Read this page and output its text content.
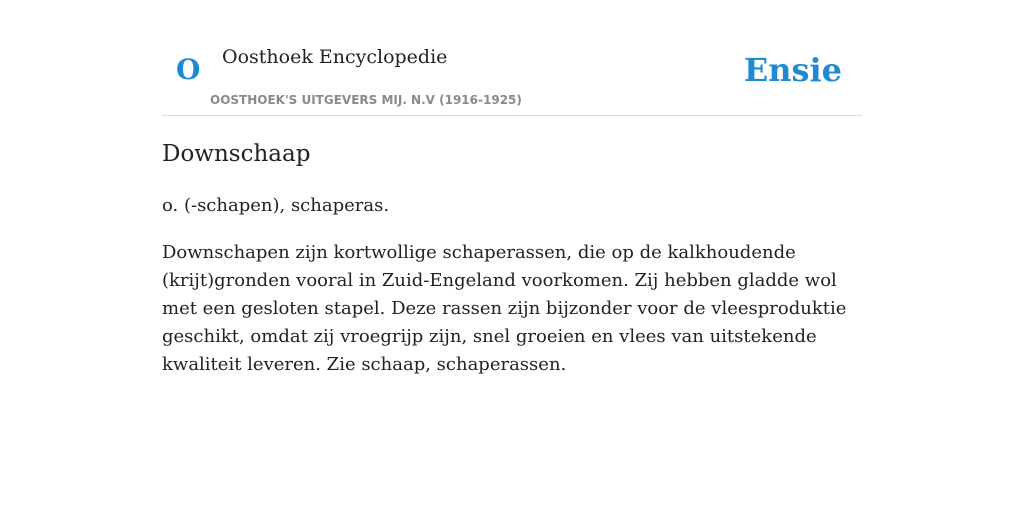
O Oosthoek Encyclopedie
OOSTHOEK'S UITGEVERS MIJ. N.V (1916-1925)
Ensie
Downschaap

o. (-schapen), schaperas.

Downschapen zijn kortwollige schaperassen, die op de kalkhoudende (krijt)gronden vooral in Zuid-Engeland voorkomen. Zij hebben gladde wol met een gesloten stapel. Deze rassen zijn bijzonder voor de vleesproduktie geschikt, omdat zij vroegrijp zijn, snel groeien en vlees van uitstekende kwaliteit leveren. Zie schaap, schaperassen.
